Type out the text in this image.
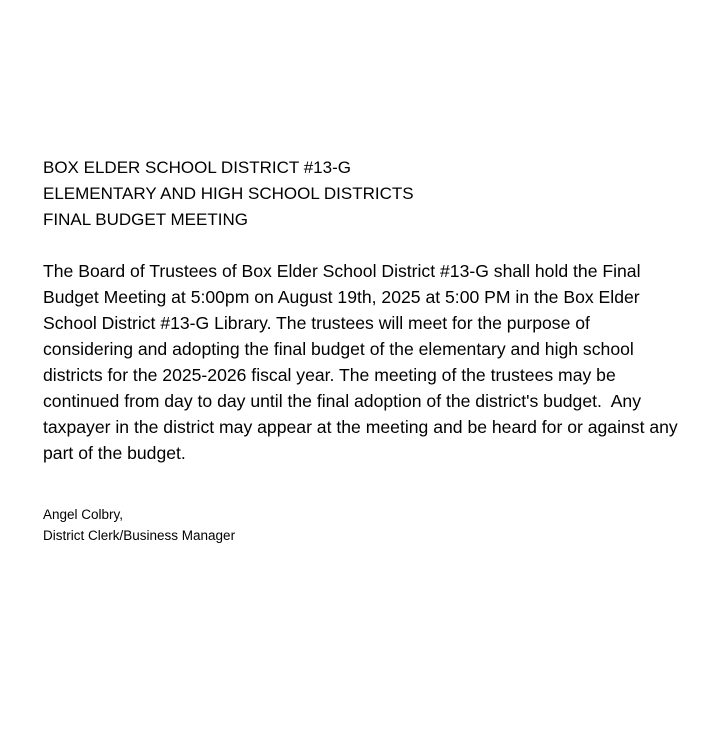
BOX ELDER SCHOOL DISTRICT #13-G
ELEMENTARY AND HIGH SCHOOL DISTRICTS
FINAL BUDGET MEETING

The Board of Trustees of Box Elder School District #13-G shall hold the Final Budget Meeting at 5:00pm on August 19th, 2025 at 5:00 PM in the Box Elder School District #13-G Library. The trustees will meet for the purpose of considering and adopting the final budget of the elementary and high school districts for the 2025-2026 fiscal year. The meeting of the trustees may be continued from day to day until the final adoption of the district's budget.  Any taxpayer in the district may appear at the meeting and be heard for or against any part of the budget.

Angel Colbry,
District Clerk/Business Manager
